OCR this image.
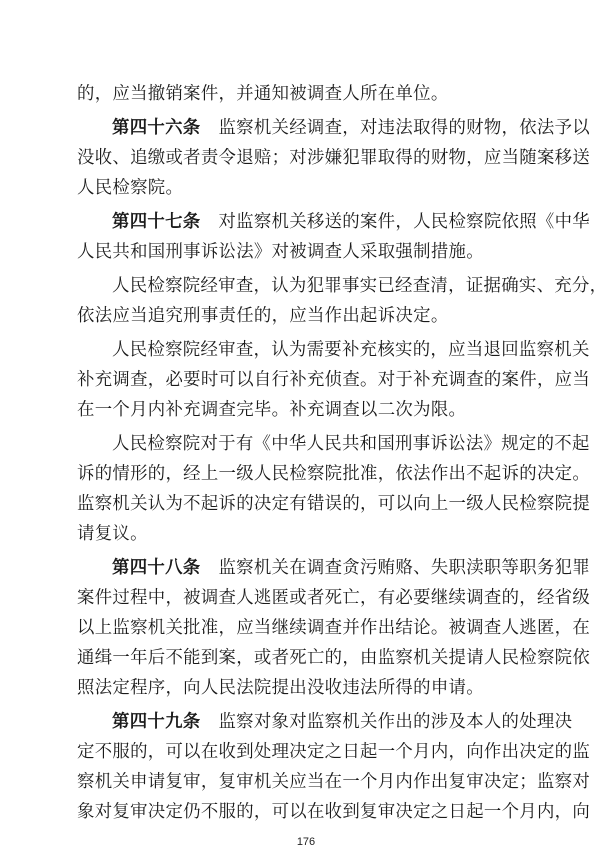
的，应当撤销案件，并通知被调查人所在单位。
第四十六条 监察机关经调查，对违法取得的财物，依法予以
没收、追缴或者责令退赔；对涉嫌犯罪取得的财物，应当随案移送
人民检察院。
第四十七条 对监察机关移送的案件，人民检察院依照《中华
人民共和国刑事诉讼法》对被调查人采取强制措施。
人民检察院经审查，认为犯罪事实已经查清，证据确实、充分，
依法应当追究刑事责任的，应当作出起诉决定。
人民检察院经审查，认为需要补充核实的，应当退回监察机关
补充调查，必要时可以自行补充侦查。对于补充调查的案件，应当
在一个月内补充调查完毕。补充调查以二次为限。
人民检察院对于有《中华人民共和国刑事诉讼法》规定的不起
诉的情形的，经上一级人民检察院批准，依法作出不起诉的决定。
监察机关认为不起诉的决定有错误的，可以向上一级人民检察院提
请复议。
第四十八条 监察机关在调查贪污贿赂、失职渎职等职务犯罪
案件过程中，被调查人逃匿或者死亡，有必要继续调查的，经省级
以上监察机关批准，应当继续调查并作出结论。被调查人逃匿，在
通缉一年后不能到案，或者死亡的，由监察机关提请人民检察院依
照法定程序，向人民法院提出没收违法所得的申请。
第四十九条 监察对象对监察机关作出的涉及本人的处理决
176
定不服的，可以在收到处理决定之日起一个月内，向作出决定的监
察机关申请复审，复审机关应当在一个月内作出复审决定；监察对
象对复审决定仍不服的，可以在收到复审决定之日起一个月内，向
